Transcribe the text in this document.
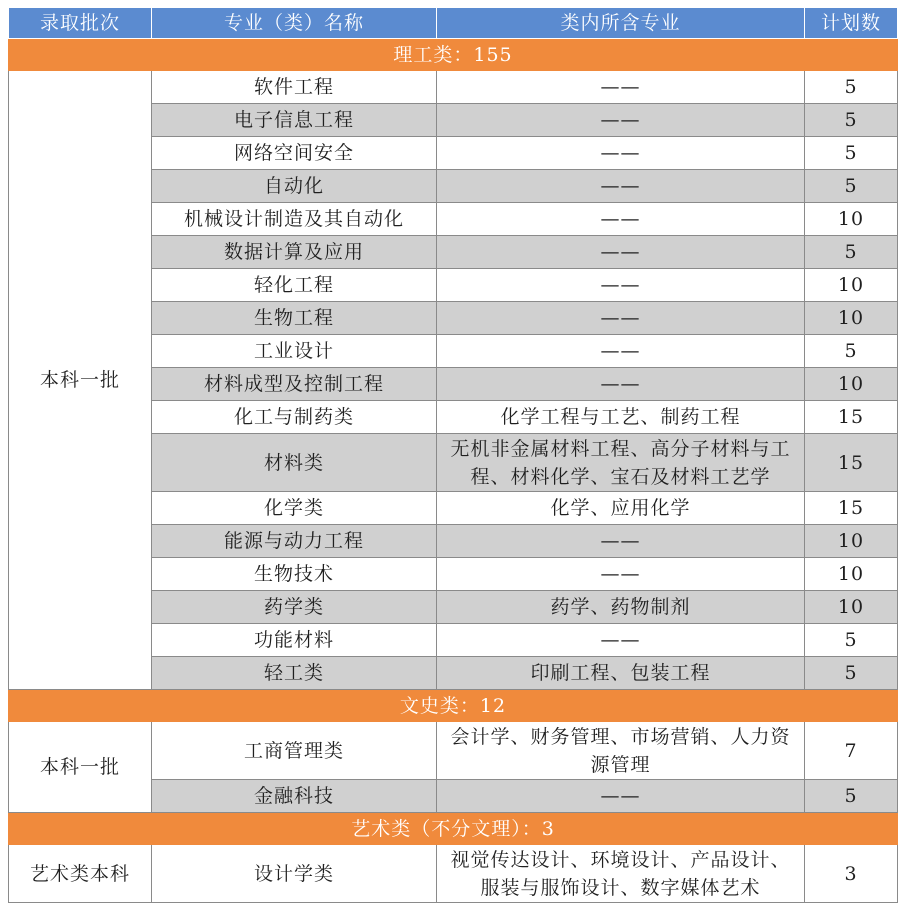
录取批次	专业（类）名称	类内所含专业	计划数
理工类：155			
本科一批	软件工程	——	5
	电子信息工程	——	5
	网络空间安全	——	5
	自动化	——	5
	机械设计制造及其自动化	——	10
	数据计算及应用	——	5
	轻化工程	——	10
	生物工程	——	10
	工业设计	——	5
	材料成型及控制工程	——	10
	化工与制药类	化学工程与工艺、制药工程	15
	材料类	无机非金属材料工程、高分子材料与工程、材料化学、宝石及材料工艺学	15
	化学类	化学、应用化学	15
	能源与动力工程	——	10
	生物技术	——	10
	药学类	药学、药物制剂	10
	功能材料	——	5
	轻工类	印刷工程、包装工程	5
文史类：12			
本科一批	工商管理类	会计学、财务管理、市场营销、人力资源管理	7
	金融科技	——	5
艺术类（不分文理）：3			
艺术类本科	设计学类	视觉传达设计、环境设计、产品设计、服装与服饰设计、数字媒体艺术	3
